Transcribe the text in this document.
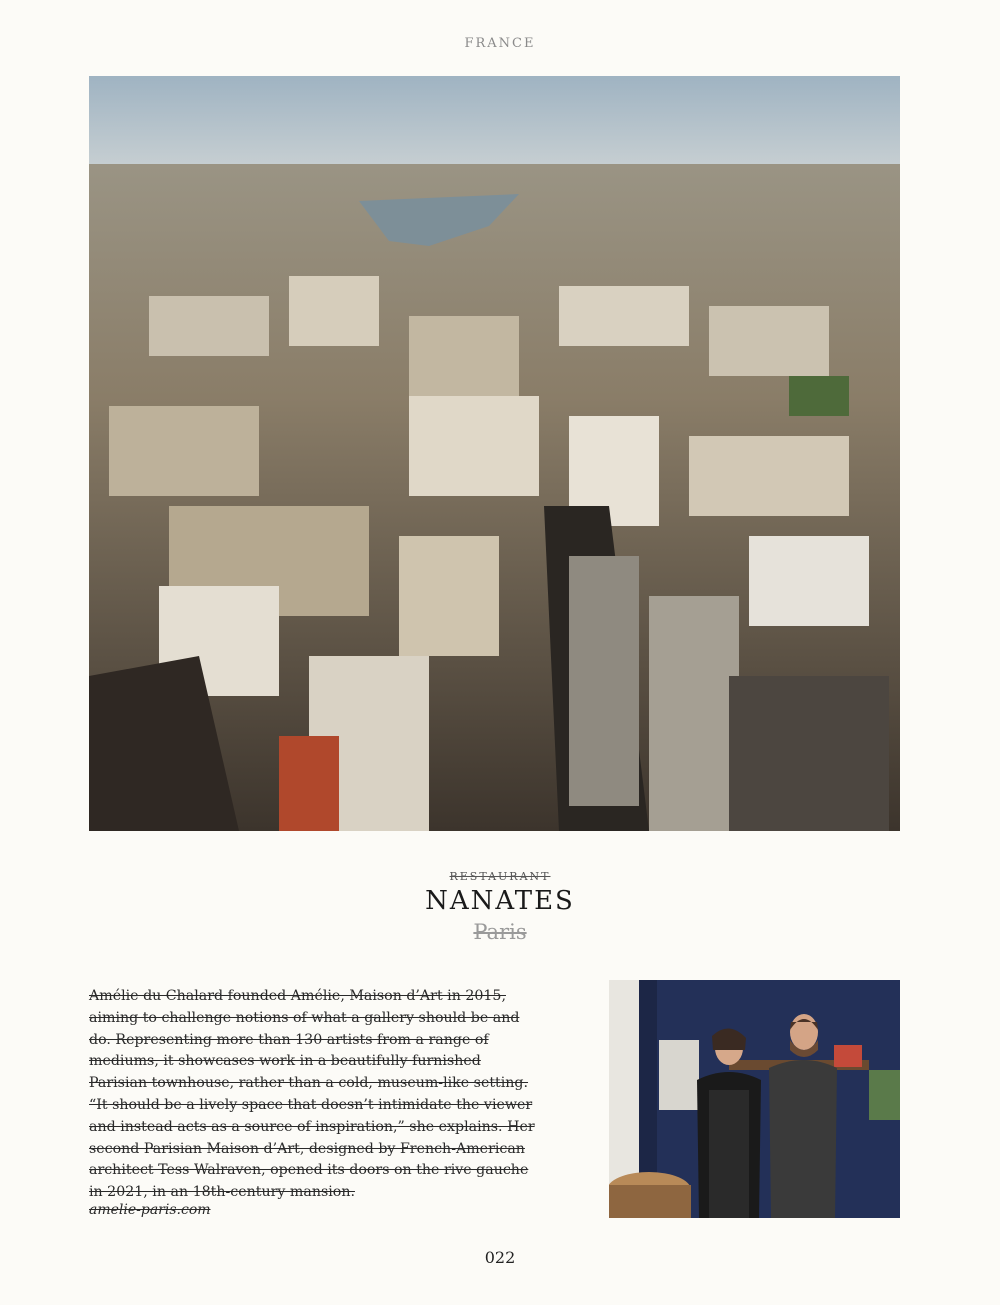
FRANCE
RESTAURANT
NANATES
Paris
Amélie du Chalard founded Amélie, Maison d’Art in 2015,
aiming to challenge notions of what a gallery should be and
do. Representing more than 130 artists from a range of
mediums, it showcases work in a beautifully furnished
Parisian townhouse, rather than a cold, museum-like setting.
“It should be a lively space that doesn’t intimidate the viewer
and instead acts as a source of inspiration,” she explains. Her
second Parisian Maison d’Art, designed by French-American
architect Tess Walraven, opened its doors on the rive gauche
in 2021, in an 18th-century mansion.
amelie-paris.com
022
